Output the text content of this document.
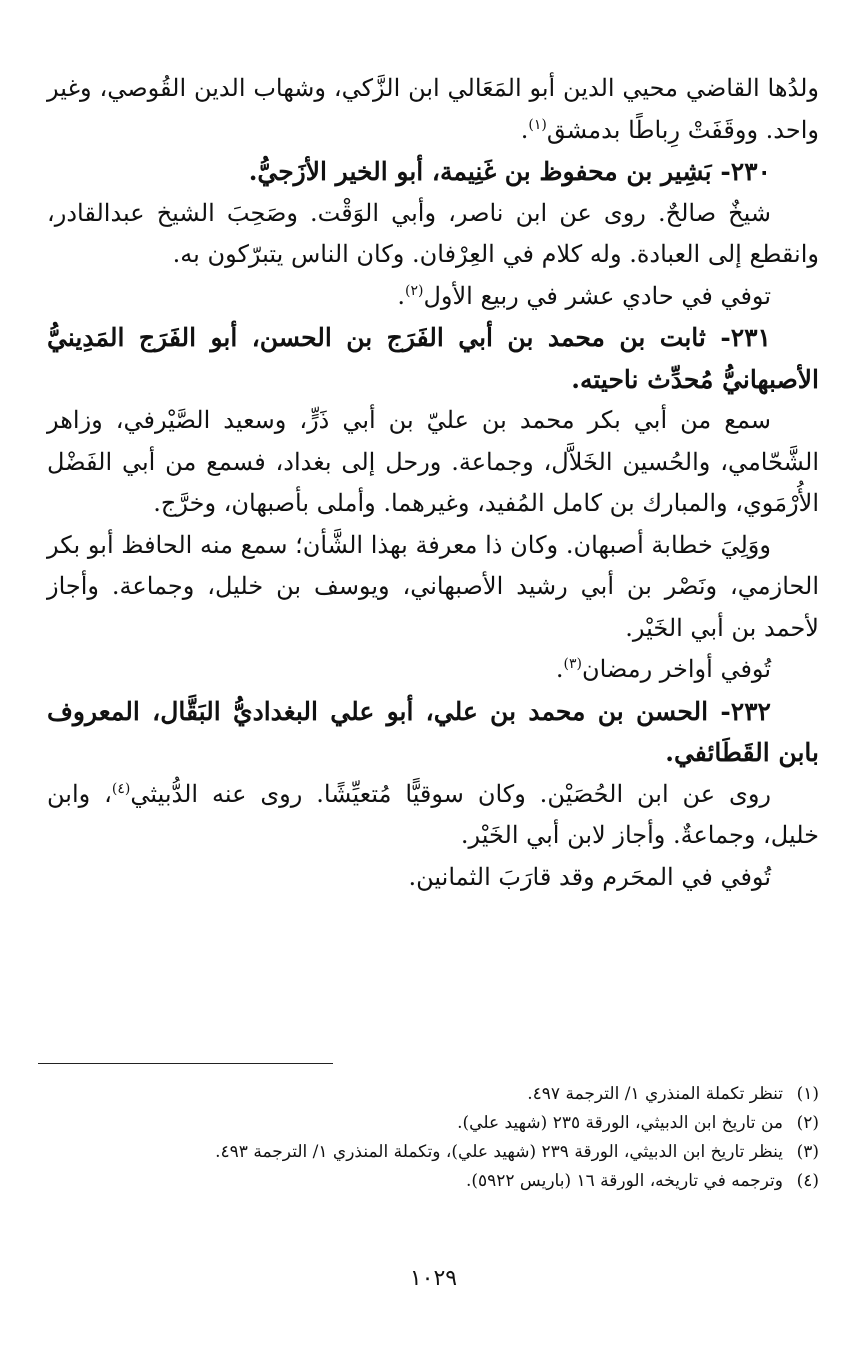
ولدُها القاضي محيي الدين أبو المَعَالي ابن الزَّكي، وشهاب الدين القُوصي، وغير واحد. ووقَفَتْ رِباطًا بدمشق$^{(١)}$.

٢٣٠- بَشِير بن محفوظ بن غَنِيمة، أبو الخير الأزَجيُّ.

شيخٌ صالحٌ. روى عن ابن ناصر، وأبي الوَقْت. وصَحِبَ الشيخ عبدالقادر، وانقطع إلى العبادة. وله كلام في العِرْفان. وكان الناس يتبرّكون به.

توفي في حادي عشر في ربيع الأول$^{(٢)}$.

٢٣١- ثابت بن محمد بن أبي الفَرَج بن الحسن، أبو الفَرَج المَدِينيُّ الأصبهانيُّ مُحدِّث ناحيته.

سمع من أبي بكر محمد بن عليّ بن أبي ذَرٍّ، وسعيد الصَّيْرفي، وزاهر الشَّحّامي، والحُسين الخَلاَّل، وجماعة. ورحل إلى بغداد، فسمع من أبي الفَضْل الأُرْمَوي، والمبارك بن كامل المُفيد، وغيرهما. وأملى بأصبهان، وخرَّج.

ووَلِيَ خطابة أصبهان. وكان ذا معرفة بهذا الشَّأن؛ سمع منه الحافظ أبو بكر الحازمي، ونَصْر بن أبي رشيد الأصبهاني، ويوسف بن خليل، وجماعة. وأجاز لأحمد بن أبي الخَيْر.

تُوفي أواخر رمضان$^{(٣)}$.

٢٣٢- الحسن بن محمد بن علي، أبو علي البغداديُّ البَقَّال، المعروف بابن القَطَائفي.

روى عن ابن الحُصَيْن. وكان سوقيًّا مُتعيِّشًا. روى عنه الدُّبيثي$^{(٤)}$، وابن خليل، وجماعةٌ. وأجاز لابن أبي الخَيْر.

تُوفي في المحَرم وقد قارَبَ الثمانين.

(١)
تنظر تكملة المنذري ١/ الترجمة ٤٩٧.
(٢)
من تاريخ ابن الدبيثي، الورقة ٢٣٥ (شهيد علي).
(٣)
ينظر تاريخ ابن الدبيثي، الورقة ٢٣٩ (شهيد علي)، وتكملة المنذري ١/ الترجمة ٤٩٣.
(٤)
وترجمه في تاريخه، الورقة ١٦ (باريس ٥٩٢٢).
١٠٢٩
